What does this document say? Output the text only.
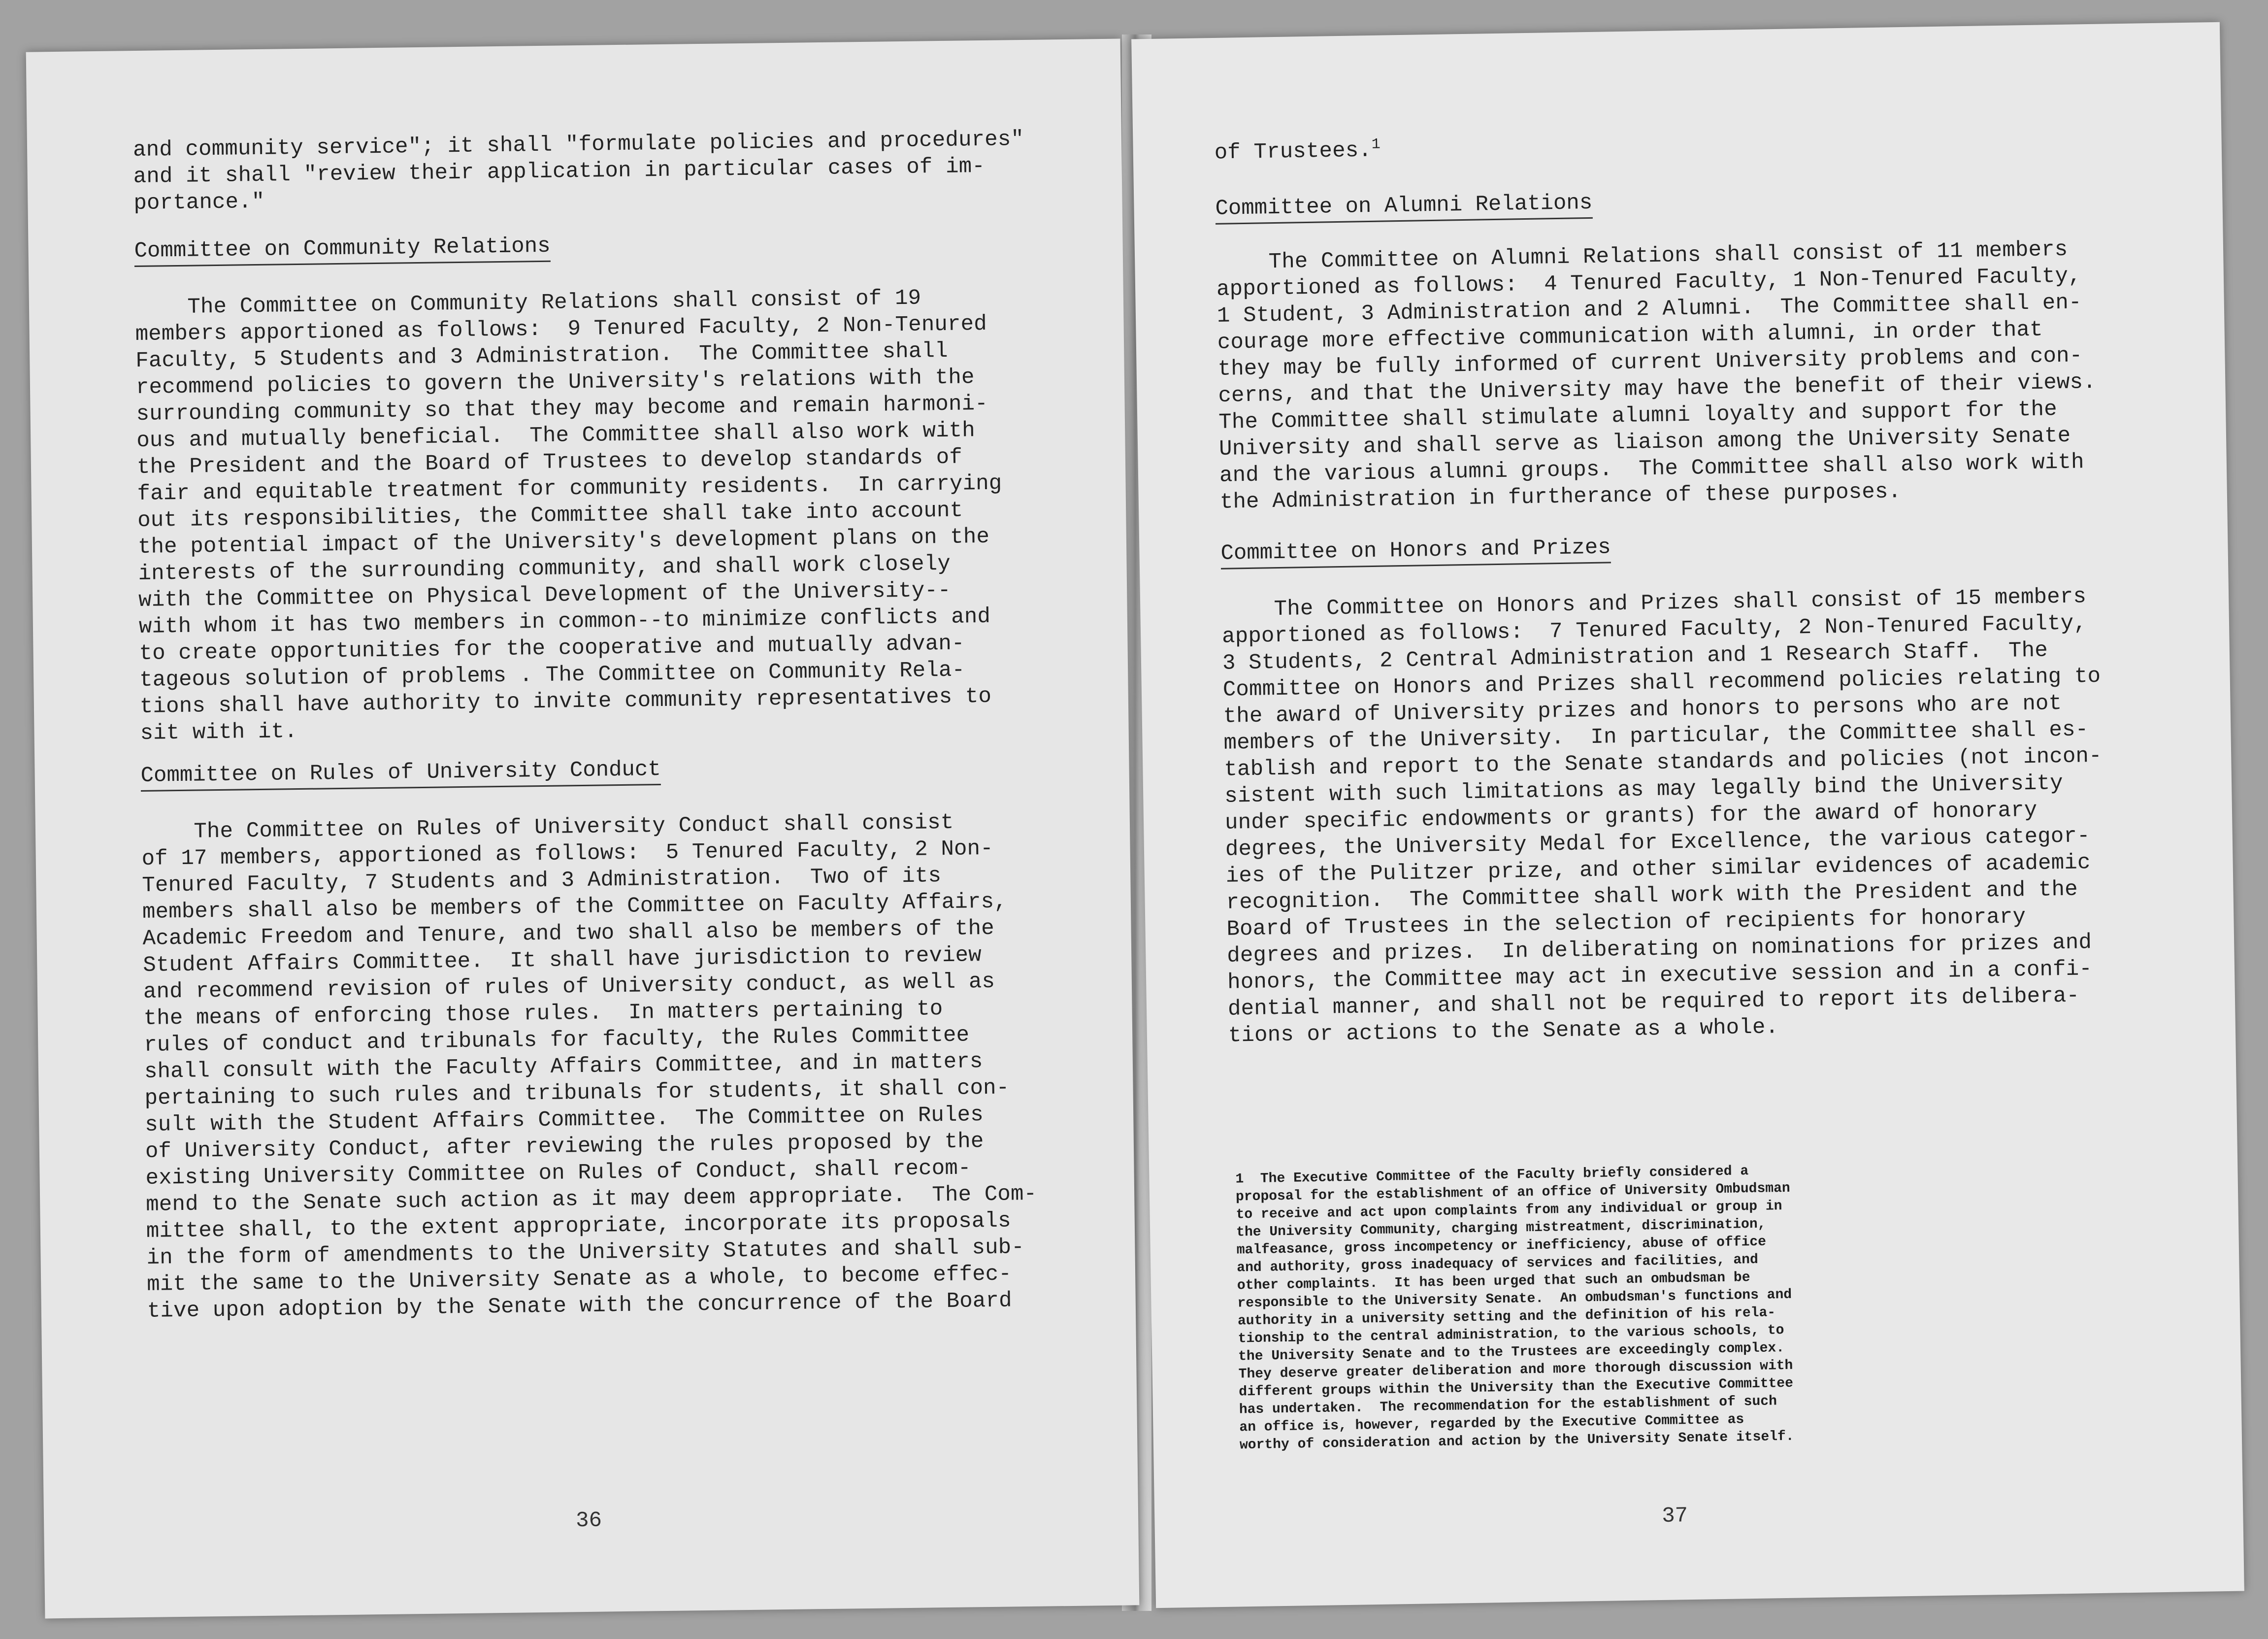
and community service"; it shall "formulate policies and procedures"
and it shall "review their application in particular cases of im-
portance."
Committee on Community Relations
The Committee on Community Relations shall consist of 19
members apportioned as follows:  9 Tenured Faculty, 2 Non-Tenured
Faculty, 5 Students and 3 Administration.  The Committee shall
recommend policies to govern the University's relations with the
surrounding community so that they may become and remain harmoni-
ous and mutually beneficial.  The Committee shall also work with
the President and the Board of Trustees to develop standards of
fair and equitable treatment for community residents.  In carrying
out its responsibilities, the Committee shall take into account
the potential impact of the University's development plans on the
interests of the surrounding community, and shall work closely
with the Committee on Physical Development of the University--
with whom it has two members in common--to minimize conflicts and
to create opportunities for the cooperative and mutually advan-
tageous solution of problems . The Committee on Community Rela-
tions shall have authority to invite community representatives to
sit with it.
Committee on Rules of University Conduct
The Committee on Rules of University Conduct shall consist
of 17 members, apportioned as follows:  5 Tenured Faculty, 2 Non-
Tenured Faculty, 7 Students and 3 Administration.  Two of its
members shall also be members of the Committee on Faculty Affairs,
Academic Freedom and Tenure, and two shall also be members of the
Student Affairs Committee.  It shall have jurisdiction to review
and recommend revision of rules of University conduct, as well as
the means of enforcing those rules.  In matters pertaining to
rules of conduct and tribunals for faculty, the Rules Committee
shall consult with the Faculty Affairs Committee, and in matters
pertaining to such rules and tribunals for students, it shall con-
sult with the Student Affairs Committee.  The Committee on Rules
of University Conduct, after reviewing the rules proposed by the
existing University Committee on Rules of Conduct, shall recom-
mend to the Senate such action as it may deem appropriate.  The Com-
mittee shall, to the extent appropriate, incorporate its proposals
in the form of amendments to the University Statutes and shall sub-
mit the same to the University Senate as a whole, to become effec-
tive upon adoption by the Senate with the concurrence of the Board
36
of Trustees.$^1$
Committee on Alumni Relations
The Committee on Alumni Relations shall consist of 11 members
apportioned as follows:  4 Tenured Faculty, 1 Non-Tenured Faculty,
1 Student, 3 Administration and 2 Alumni.  The Committee shall en-
courage more effective communication with alumni, in order that
they may be fully informed of current University problems and con-
cerns, and that the University may have the benefit of their views.
The Committee shall stimulate alumni loyalty and support for the
University and shall serve as liaison among the University Senate
and the various alumni groups.  The Committee shall also work with
the Administration in furtherance of these purposes.
Committee on Honors and Prizes
The Committee on Honors and Prizes shall consist of 15 members
apportioned as follows:  7 Tenured Faculty, 2 Non-Tenured Faculty,
3 Students, 2 Central Administration and 1 Research Staff.  The
Committee on Honors and Prizes shall recommend policies relating to
the award of University prizes and honors to persons who are not
members of the University.  In particular, the Committee shall es-
tablish and report to the Senate standards and policies (not incon-
sistent with such limitations as may legally bind the University
under specific endowments or grants) for the award of honorary
degrees, the University Medal for Excellence, the various categor-
ies of the Pulitzer prize, and other similar evidences of academic
recognition.  The Committee shall work with the President and the
Board of Trustees in the selection of recipients for honorary
degrees and prizes.  In deliberating on nominations for prizes and
honors, the Committee may act in executive session and in a confi-
dential manner, and shall not be required to report its delibera-
tions or actions to the Senate as a whole.
1  The Executive Committee of the Faculty briefly considered a
proposal for the establishment of an office of University Ombudsman
to receive and act upon complaints from any individual or group in
the University Community, charging mistreatment, discrimination,
malfeasance, gross incompetency or inefficiency, abuse of office
and authority, gross inadequacy of services and facilities, and
other complaints.  It has been urged that such an ombudsman be
responsible to the University Senate.  An ombudsman's functions and
authority in a university setting and the definition of his rela-
tionship to the central administration, to the various schools, to
the University Senate and to the Trustees are exceedingly complex.
They deserve greater deliberation and more thorough discussion with
different groups within the University than the Executive Committee
has undertaken.  The recommendation for the establishment of such
an office is, however, regarded by the Executive Committee as
worthy of consideration and action by the University Senate itself.
37
